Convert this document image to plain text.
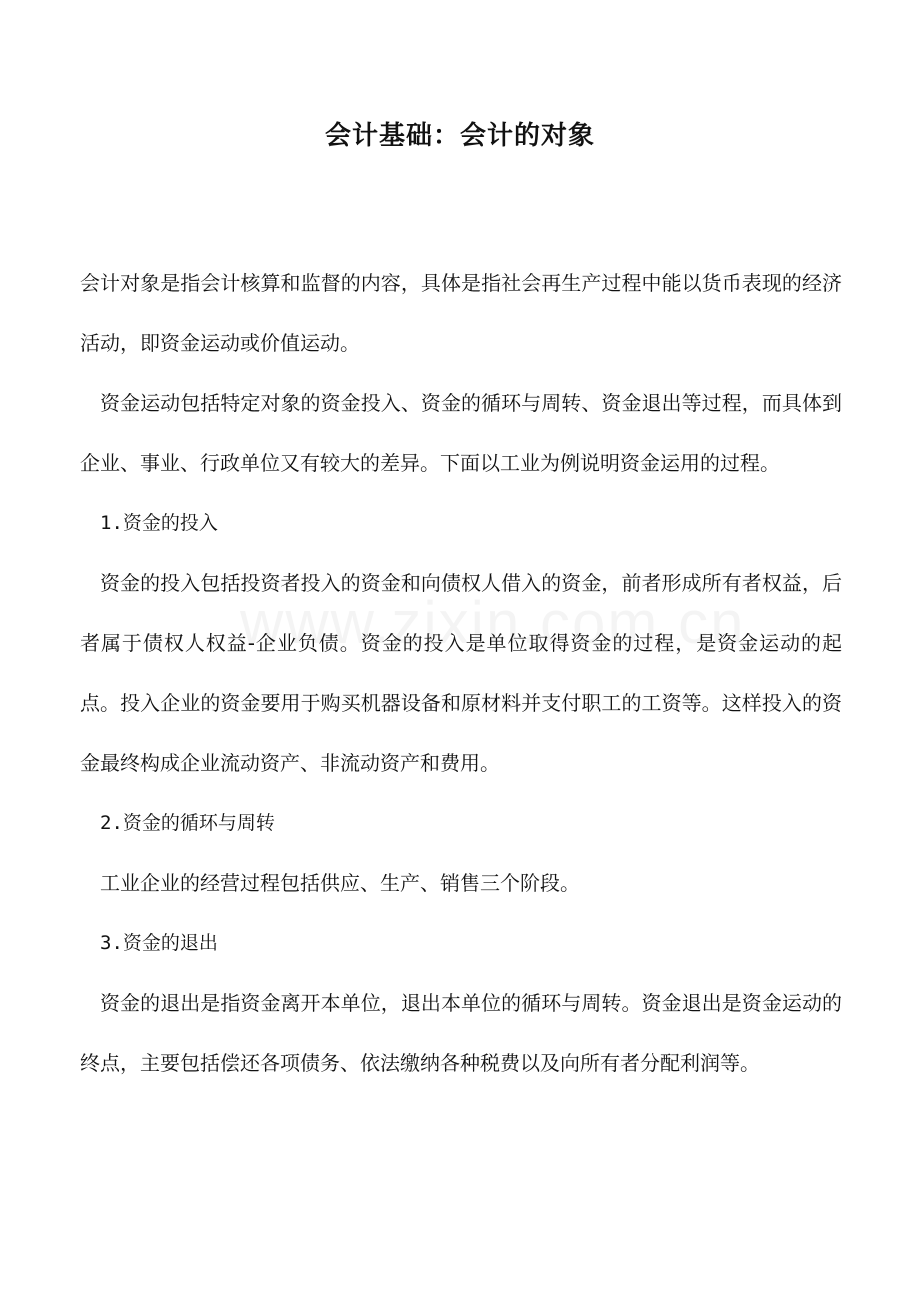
会计基础：会计的对象

会计对象是指会计核算和监督的内容，具体是指社会再生产过程中能以货币表现的经济活动，即资金运动或价值运动。

资金运动包括特定对象的资金投入、资金的循环与周转、资金退出等过程，而具体到企业、事业、行政单位又有较大的差异。下面以工业为例说明资金运用的过程。

1.资金的投入

资金的投入包括投资者投入的资金和向债权人借入的资金，前者形成所有者权益，后者属于债权人权益-企业负债。资金的投入是单位取得资金的过程，是资金运动的起点。投入企业的资金要用于购买机器设备和原材料并支付职工的工资等。这样投入的资金最终构成企业流动资产、非流动资产和费用。

2.资金的循环与周转

工业企业的经营过程包括供应、生产、销售三个阶段。

3.资金的退出

资金的退出是指资金离开本单位，退出本单位的循环与周转。资金退出是资金运动的终点，主要包括偿还各项债务、依法缴纳各种税费以及向所有者分配利润等。
